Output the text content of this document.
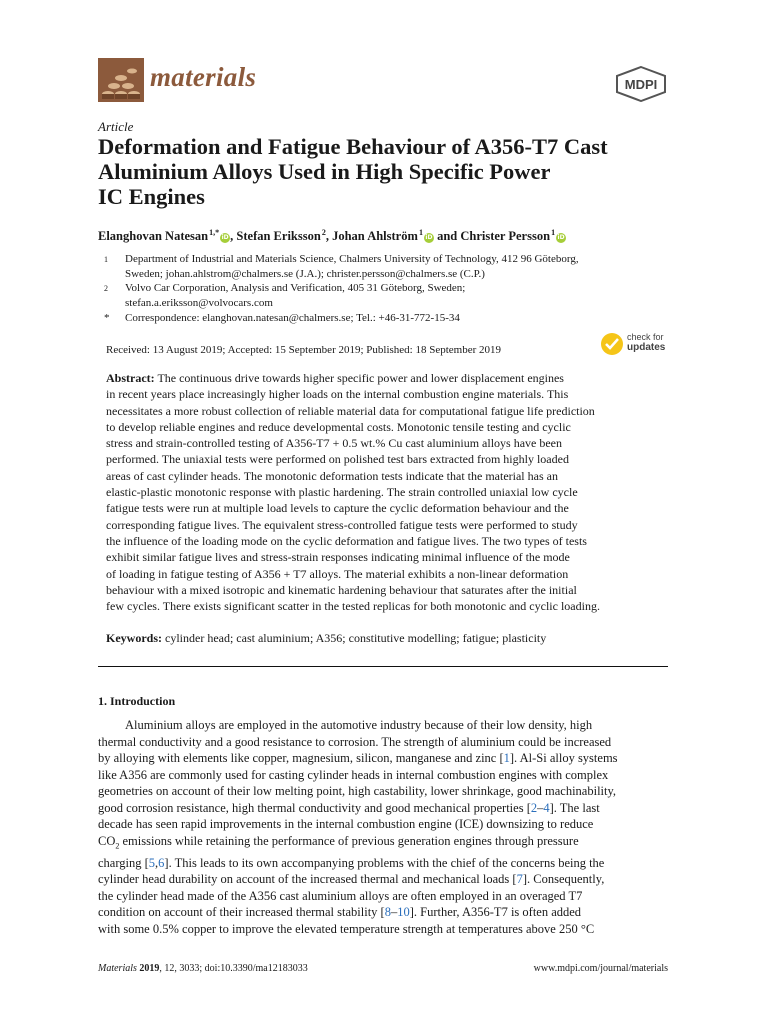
materials	MDPI
Article
Deformation and Fatigue Behaviour of A356-T7 Cast
Aluminium Alloys Used in High Specific Power
IC Engines
Elanghovan Natesan $^{1,*}$iD, Stefan Eriksson $^2$, Johan Ahlström $^1$iD and Christer Persson $^1$iD
1 Department of Industrial and Materials Science, Chalmers University of Technology, 412 96 Göteborg,
Sweden; johan.ahlstrom@chalmers.se (J.A.); christer.persson@chalmers.se (C.P.)
2 Volvo Car Corporation, Analysis and Verification, 405 31 Göteborg, Sweden;
stefan.a.eriksson@volvocars.com
* Correspondence: elanghovan.natesan@chalmers.se; Tel.: +46-31-772-15-34
Received: 13 August 2019; Accepted: 15 September 2019; Published: 18 September 2019
check for
updates
Abstract: The continuous drive towards higher specific power and lower displacement engines
in recent years place increasingly higher loads on the internal combustion engine materials. This
necessitates a more robust collection of reliable material data for computational fatigue life prediction
to develop reliable engines and reduce developmental costs. Monotonic tensile testing and cyclic
stress and strain-controlled testing of A356-T7 + 0.5 wt.% Cu cast aluminium alloys have been
performed. The uniaxial tests were performed on polished test bars extracted from highly loaded
areas of cast cylinder heads. The monotonic deformation tests indicate that the material has an
elastic-plastic monotonic response with plastic hardening. The strain controlled uniaxial low cycle
fatigue tests were run at multiple load levels to capture the cyclic deformation behaviour and the
corresponding fatigue lives. The equivalent stress-controlled fatigue tests were performed to study
the influence of the loading mode on the cyclic deformation and fatigue lives. The two types of tests
exhibit similar fatigue lives and stress-strain responses indicating minimal influence of the mode
of loading in fatigue testing of A356 + T7 alloys. The material exhibits a non-linear deformation
behaviour with a mixed isotropic and kinematic hardening behaviour that saturates after the initial
few cycles. There exists significant scatter in the tested replicas for both monotonic and cyclic loading.
Keywords: cylinder head; cast aluminium; A356; constitutive modelling; fatigue; plasticity
1. Introduction
Aluminium alloys are employed in the automotive industry because of their low density, high
thermal conductivity and a good resistance to corrosion. The strength of aluminium could be increased
by alloying with elements like copper, magnesium, silicon, manganese and zinc [1]. Al-Si alloy systems
like A356 are commonly used for casting cylinder heads in internal combustion engines with complex
geometries on account of their low melting point, high castability, lower shrinkage, good machinability,
good corrosion resistance, high thermal conductivity and good mechanical properties [2–4]. The last
decade has seen rapid improvements in the internal combustion engine (ICE) downsizing to reduce
$CO_2$ emissions while retaining the performance of previous generation engines through pressure
charging [5,6]. This leads to its own accompanying problems with the chief of the concerns being the
cylinder head durability on account of the increased thermal and mechanical loads [7]. Consequently,
the cylinder head made of the A356 cast aluminium alloys are often employed in an overaged T7
condition on account of their increased thermal stability [8–10]. Further, A356-T7 is often added
with some 0.5% copper to improve the elevated temperature strength at temperatures above 250 °C
Materials 2019, 12, 3033; doi:10.3390/ma12183033	www.mdpi.com/journal/materials
